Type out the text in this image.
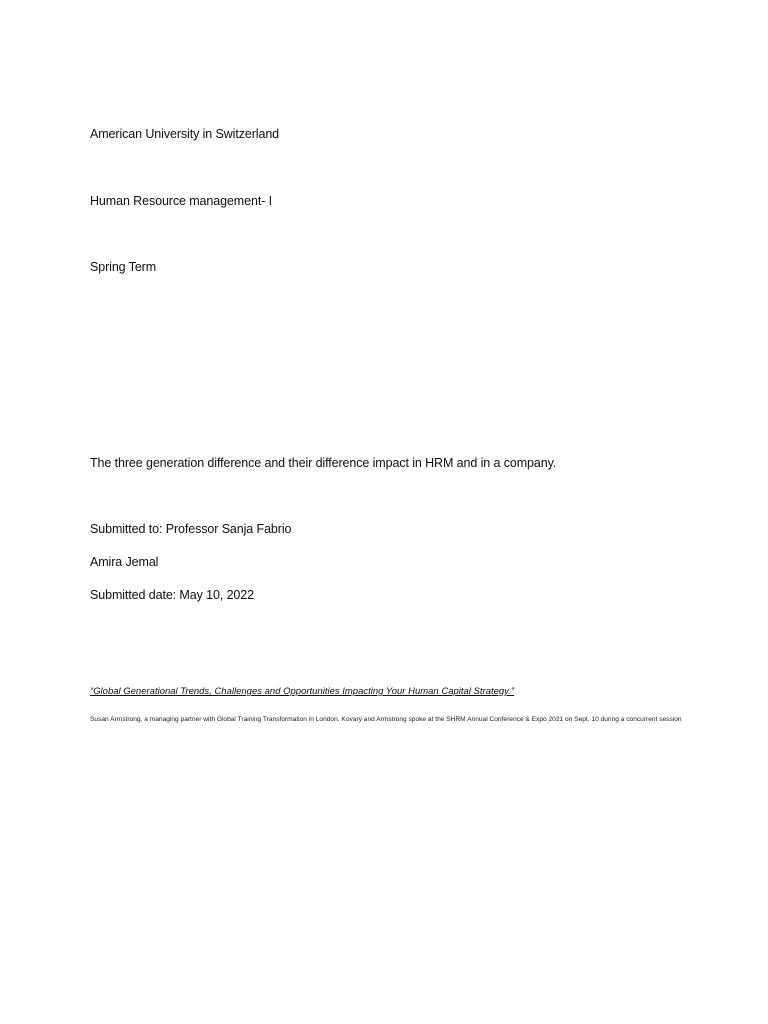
American University in Switzerland
Human Resource management- I
Spring Term
The three generation difference and their difference impact in HRM and in a company.
Submitted to: Professor Sanja Fabrio
Amira Jemal
Submitted date: May 10, 2022
“Global Generational Trends, Challenges and Opportunities Impacting Your Human Capital Strategy.”
Susan Armstrong, a managing partner with Global Training Transformation in London. Kovary and Armstrong spoke at the SHRM Annual Conference & Expo 2021 on Sept. 10 during a concurrent session
